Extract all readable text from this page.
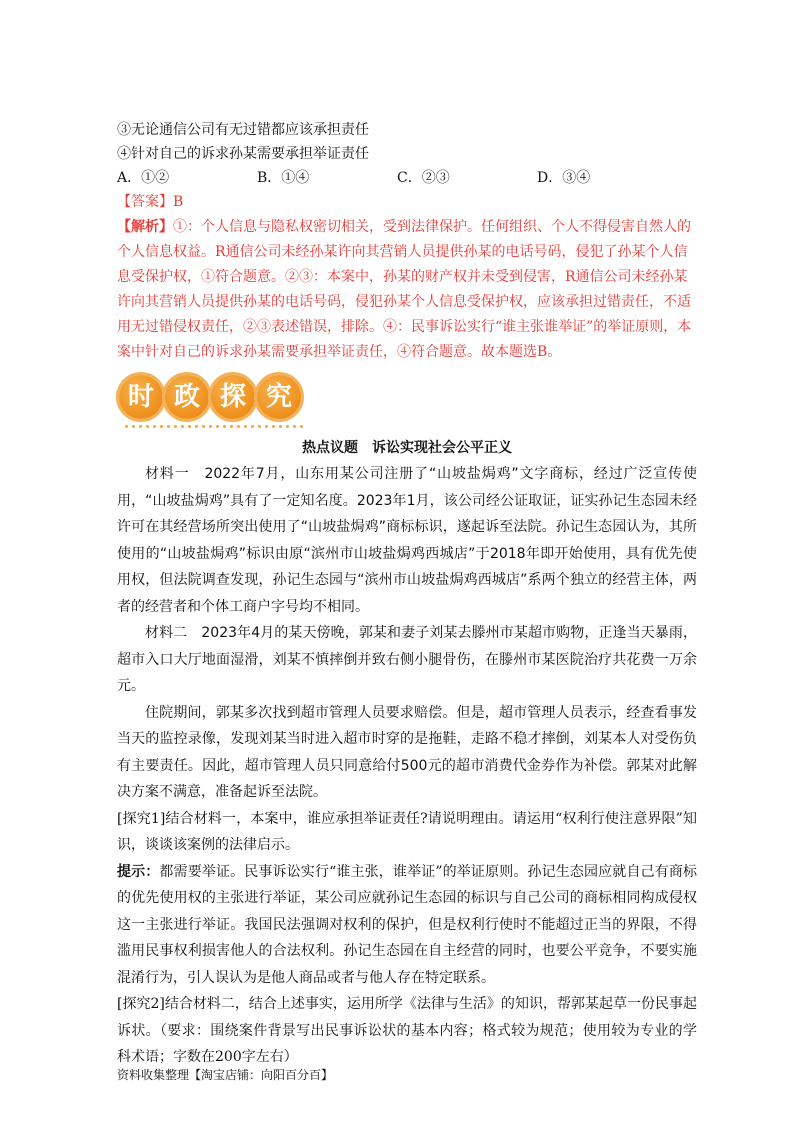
③无论通信公司有无过错都应该承担责任

④针对自己的诉求孙某需要承担举证责任

A．①②	B．①④	C．②③	D．③④

【答案】B

【解析】①：个人信息与隐私权密切相关，受到法律保护。任何组织、个人不得侵害自然人的个人信息权益。R通信公司未经孙某许向其营销人员提供孙某的电话号码，侵犯了孙某个人信息受保护权，①符合题意。②③：本案中，孙某的财产权并未受到侵害，R通信公司未经孙某许向其营销人员提供孙某的电话号码，侵犯孙某个人信息受保护权，应该承担过错责任，不适用无过错侵权责任，②③表述错误，排除。④：民事诉讼实行“谁主张谁举证”的举证原则，本案中针对自己的诉求孙某需要承担举证责任，④符合题意。故本题选B。

时 政 探 究

热点议题　诉讼实现社会公平正义

材料一　2022年7月，山东用某公司注册了“山坡盐焗鸡”文字商标，经过广泛宣传使用，“山坡盐焗鸡”具有了一定知名度。2023年1月，该公司经公证取证，证实孙记生态园未经许可在其经营场所突出使用了“山坡盐焗鸡”商标标识，遂起诉至法院。孙记生态园认为，其所使用的“山坡盐焗鸡”标识由原“滨州市山坡盐焗鸡西城店”于2018年即开始使用，具有优先使用权，但法院调查发现，孙记生态园与“滨州市山坡盐焗鸡西城店”系两个独立的经营主体，两者的经营者和个体工商户字号均不相同。

材料二　2023年4月的某天傍晚，郭某和妻子刘某去滕州市某超市购物，正逢当天暴雨，超市入口大厅地面湿滑，刘某不慎摔倒并致右侧小腿骨伤，在滕州市某医院治疗共花费一万余元。

住院期间，郭某多次找到超市管理人员要求赔偿。但是，超市管理人员表示，经查看事发当天的监控录像，发现刘某当时进入超市时穿的是拖鞋，走路不稳才摔倒，刘某本人对受伤负有主要责任。因此，超市管理人员只同意给付500元的超市消费代金券作为补偿。郭某对此解决方案不满意，准备起诉至法院。

[探究1]结合材料一，本案中，谁应承担举证责任?请说明理由。请运用“权利行使注意界限”知识，谈谈该案例的法律启示。

提示：都需要举证。民事诉讼实行“谁主张，谁举证”的举证原则。孙记生态园应就自己有商标的优先使用权的主张进行举证，某公司应就孙记生态园的标识与自己公司的商标相同构成侵权这一主张进行举证。我国民法强调对权利的保护，但是权利行使时不能超过正当的界限，不得滥用民事权利损害他人的合法权利。孙记生态园在自主经营的同时，也要公平竞争，不要实施混淆行为，引人误认为是他人商品或者与他人存在特定联系。

[探究2]结合材料二，结合上述事实，运用所学《法律与生活》的知识，帮郭某起草一份民事起诉状。（要求：围绕案件背景写出民事诉讼状的基本内容；格式较为规范；使用较为专业的学科术语；字数在200字左右）

资料收集整理【淘宝店铺：向阳百分百】
